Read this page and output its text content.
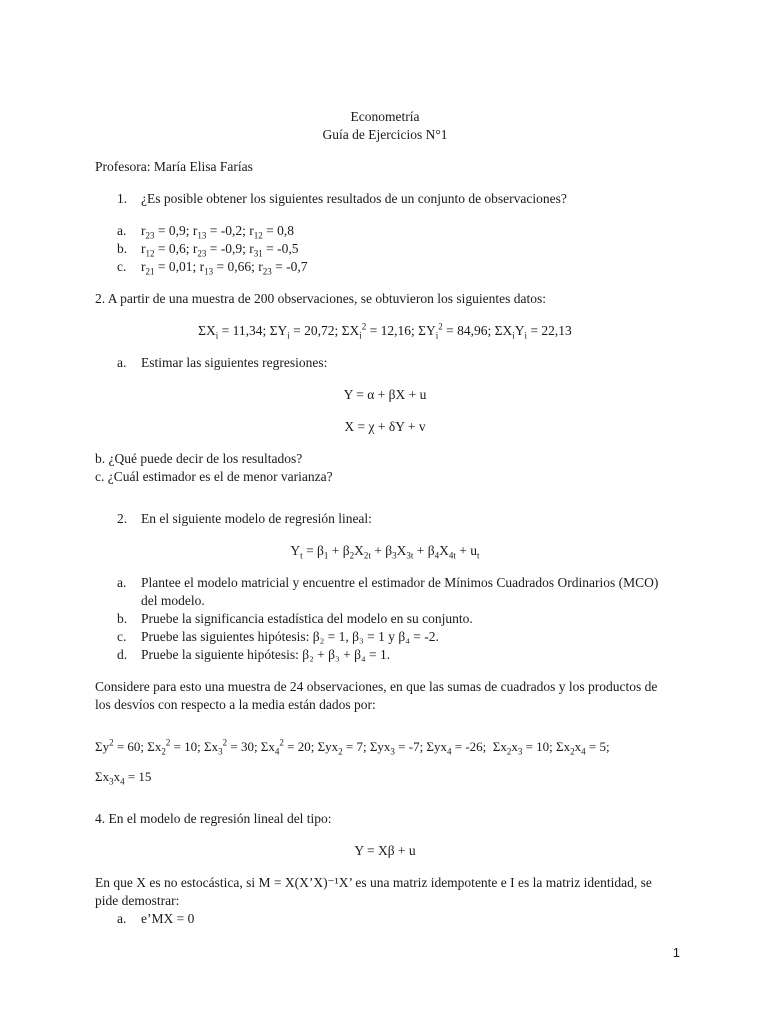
Econometría

Guía de Ejercicios N°1

Profesora: María Elisa Farías

1. ¿Es posible obtener los siguientes resultados de un conjunto de observaciones?
a. $r_{23} = 0,9$; $r_{13} = -0,2$; $r_{12} = 0,8$
b. $r_{12} = 0,6$; $r_{23} = -0,9$; $r_{31} = -0,5$
c. $r_{21} = 0,01$; $r_{13} = 0,66$; $r_{23} = -0,7$

2. A partir de una muestra de 200 observaciones, se obtuvieron los siguientes datos:

$\Sigma X_i = 11,34$; $\Sigma Y_i = 20,72$; $\Sigma X_i^2 = 12,16$; $\Sigma Y_i^2 = 84,96$; $\Sigma X_iY_i = 22,13$

a. Estimar las siguientes regresiones:

Y = α + βX + u

X = χ + δY + v

b. ¿Qué puede decir de los resultados?

c. ¿Cuál estimador es el de menor varianza?

2. En el siguiente modelo de regresión lineal:

$Y_t = \beta_1 + \beta_2X_{2t} + \beta_3X_{3t} + \beta_4X_{4t} + u_t$

a. Plantee el modelo matricial y encuentre el estimador de Mínimos Cuadrados Ordinarios (MCO) del modelo.
b. Pruebe la significancia estadística del modelo en su conjunto.
c. Pruebe las siguientes hipótesis: β₂ = 1, β₃ = 1 y β₄ = -2.
d. Pruebe la siguiente hipótesis: β₂ + β₃ + β₄ = 1.

Considere para esto una muestra de 24 observaciones, en que las sumas de cuadrados y los productos de los desvíos con respecto a la media están dados por:

$\Sigma y^2 = 60$; $\Sigma x_2^2 = 10$; $\Sigma x_3^2 = 30$; $\Sigma x_4^2 = 20$; Σyx$_2$ = 7; Σyx$_3$ = -7; Σyx$_4$ = -26;  $\Sigma x_2x_3 = 10$; $\Sigma x_2x_4 = 5$;

$\Sigma x_3x_4 = 15$

4. En el modelo de regresión lineal del tipo:

Y = Xβ + u

En que X es no estocástica, si M = X(X’X)⁻¹X’ es una matriz idempotente e I es la matriz identidad, se pide demostrar:

a. e’MX = 0
1
